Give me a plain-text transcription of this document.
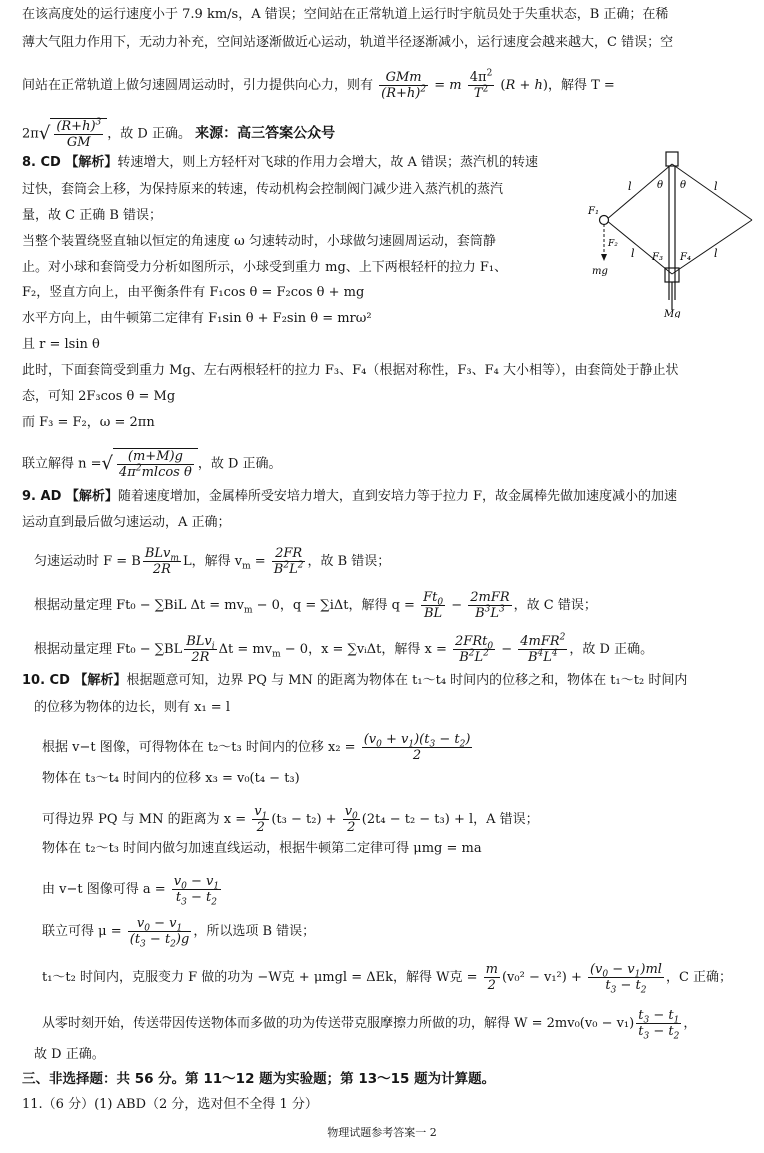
在该高度处的运行速度小于 7.9 km/s，A 错误；空间站在正常轨道上运行时宇航员处于失重状态，B 正确；在稀
薄大气阻力作用下，无动力补充，空间站逐渐做近心运动，轨道半径逐渐减小，运行速度会越来越大，C 错误；空
间站在正常轨道上做匀速圆周运动时，引力提供向心力，则有 $\frac{\text{GMm}}{(R+h)^2} = m \frac{4\pi^2}{T^2} (R + h)$，解得 T =
$2\pi√ \frac{(R+h)^3}{GM}$ ，故 D 正确。 来源：高三答案公众号
8. CD 【解析】转速增大，则上方轻杆对飞球的作用力会增大，故 A 错误；蒸汽机的转速
过快，套筒会上移，为保持原来的转速，传动机构会控制阀门减少进入蒸汽机的蒸汽
量，故 C 正确 B 错误；
当整个装置绕竖直轴以恒定的角速度 ω 匀速转动时，小球做匀速圆周运动，套筒静
止。对小球和套筒受力分析如图所示，小球受到重力 mg、上下两根轻杆的拉力 F₁、
F₂，竖直方向上，由平衡条件有 F₁cos θ = F₂cos θ + mg
水平方向上，由牛顿第二定律有 F₁sin θ + F₂sin θ = mrω²
且 r = lsin θ
此时，下面套筒受到重力 Mg、左右两根轻杆的拉力 F₃、F₄（根据对称性，F₃、F₄ 大小相等），由套筒处于静止状
态，可知 2F₃cos θ = Mg
而 F₃ = F₂，ω = 2πn
联立解得 n =√ $\frac{(m+M)g}{4\pi^2mlcos \theta}$ ，故 D 正确。
l	l
l	l
θ θ
F₁
F₂
F₃ F₄
mg
Mg
9. AD 【解析】随着速度增加，金属棒所受安培力增大，直到安培力等于拉力 F，故金属棒先做加速度减小的加速
运动直到最后做匀速运动，A 正确；
匀速运动时 F = B $\frac{BLv_m}{2R}$ L，解得 $v_m = \frac{2FR}{B^2L^2}$ ，故 B 错误；
根据动量定理 Ft₀ − ∑BiL $\Delta t = mv_m - 0$，q = ∑iΔt，解得 $q = \frac{Ft_0}{BL} - \frac{\text{2mFR}}{B^3L^3}$ ，故 C 错误；
根据动量定理 $Ft_0 - \sum BL \frac{BLv_i}{2R}$ $\Delta t = mv_m - 0$，x = ∑vᵢΔt，解得 $x = \frac{2FRt_0}{B^2L^2} - \frac{4mFR^2}{B^4L^4}$ ，故 D 正确。
10. CD 【解析】根据题意可知，边界 PQ 与 MN 的距离为物体在 t₁～t₄ 时间内的位移之和，物体在 t₁～t₂ 时间内
的位移为物体的边长，则有 x₁ = l
根据 v−t 图像，可得物体在 t₂～t₃ 时间内的位移 $x_2 = \frac{(v_0 + v_1)(t_3 - t_2)}{2}$
物体在 t₃～t₄ 时间内的位移 x₃ = v₀(t₄ − t₃)
可得边界 PQ 与 MN 的距离为 $x = \frac{v_1}{2} (t_3 - t_2) + \frac{v_0}{2} (2t_4 - t_2 - t_3) + l$，A 错误；
物体在 t₂～t₃ 时间内做匀加速直线运动，根据牛顿第二定律可得 μmg = ma
由 v−t 图像可得 $a = \frac{v_0 - v_1}{t_3 - t_2}$
联立可得 $\mu = \frac{v_0 - v_1}{(t_3 - t_2)g}$ ，所以选项 B 错误；
t₁～t₂ 时间内，克服变力 F 做的功为 −W克 + μmgl = ΔEk，解得 W克 = $\frac{m}{2} (v_0^2 - v_1^2) + \frac{(v_0 - v_1)ml}{t_3 - t_2}$ ，C 正确；
从零时刻开始，传送带因传送物体而多做的功为传送带克服摩擦力所做的功，解得 $W = 2mv_0(v_0 - v_1) \frac{t_3 - t_1}{t_3 - t_2}$ ，
故 D 正确。
三、非选择题：共 56 分。第 11～12 题为实验题；第 13～15 题为计算题。
11.（6 分）(1) ABD（2 分，选对但不全得 1 分）
物理试题参考答案一 2
